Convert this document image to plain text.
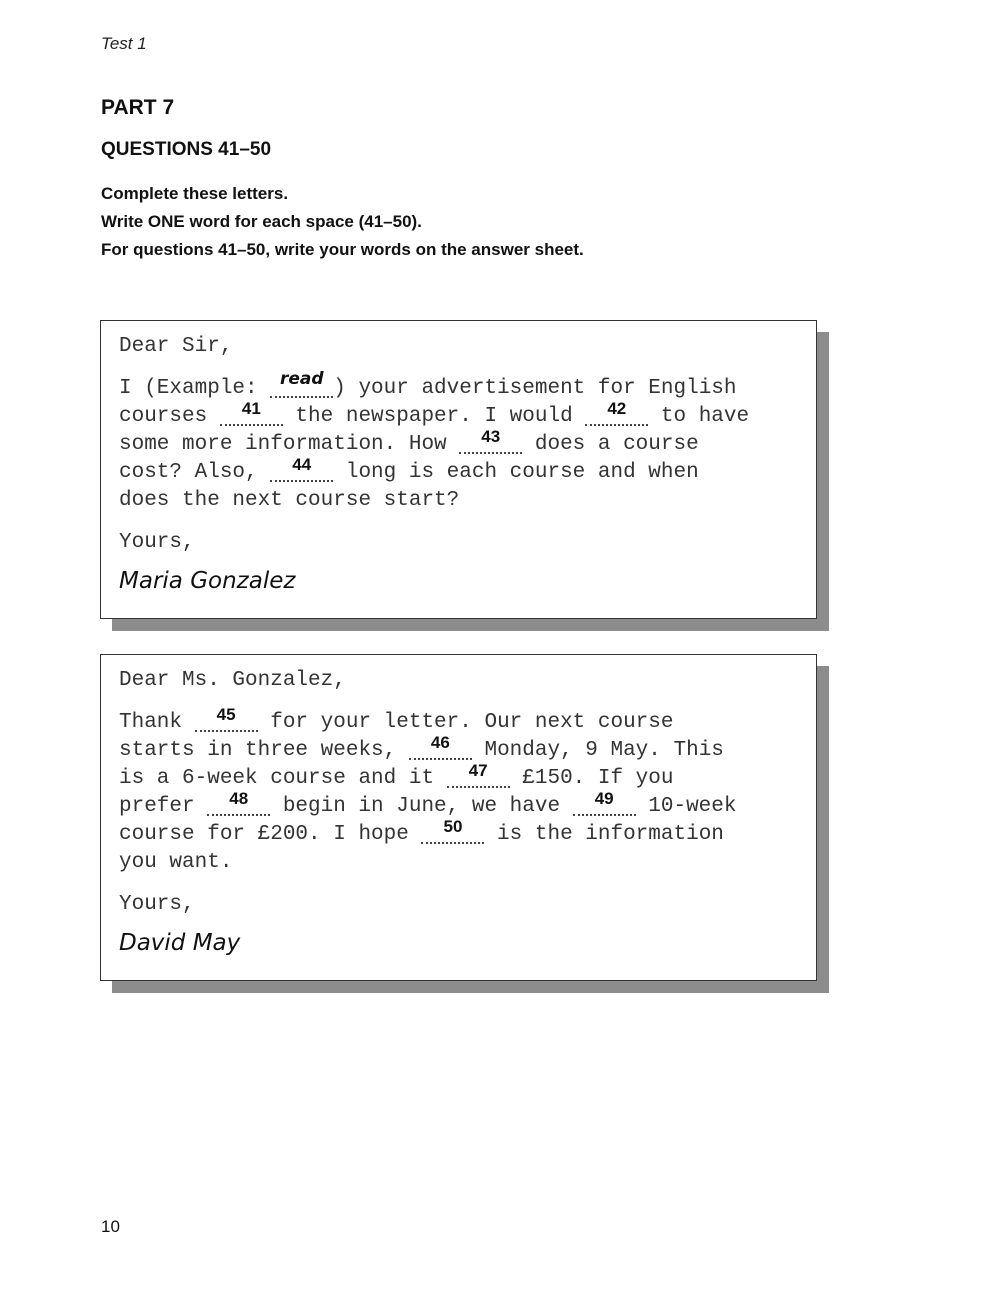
Test 1
PART 7
QUESTIONS 41–50
Complete these letters.
Write ONE word for each space (41–50).
For questions 41–50, write your words on the answer sheet.
Dear Sir,
I (Example: read ) your advertisement for English
courses	41	the newspaper. I would	42	to have
some more information. How	43	does a course
cost? Also,	44	long is each course and when
does the next course start?
Yours,
Maria Gonzalez
Dear Ms. Gonzalez,
Thank	45	for your letter. Our next course
starts in three weeks,	46	Monday, 9 May. This
is a 6-week course and it	47	£150. If you
prefer	48	begin in June, we have	49	10-week
course for £200. I hope	50	is the information
you want.
Yours,
David May
10
